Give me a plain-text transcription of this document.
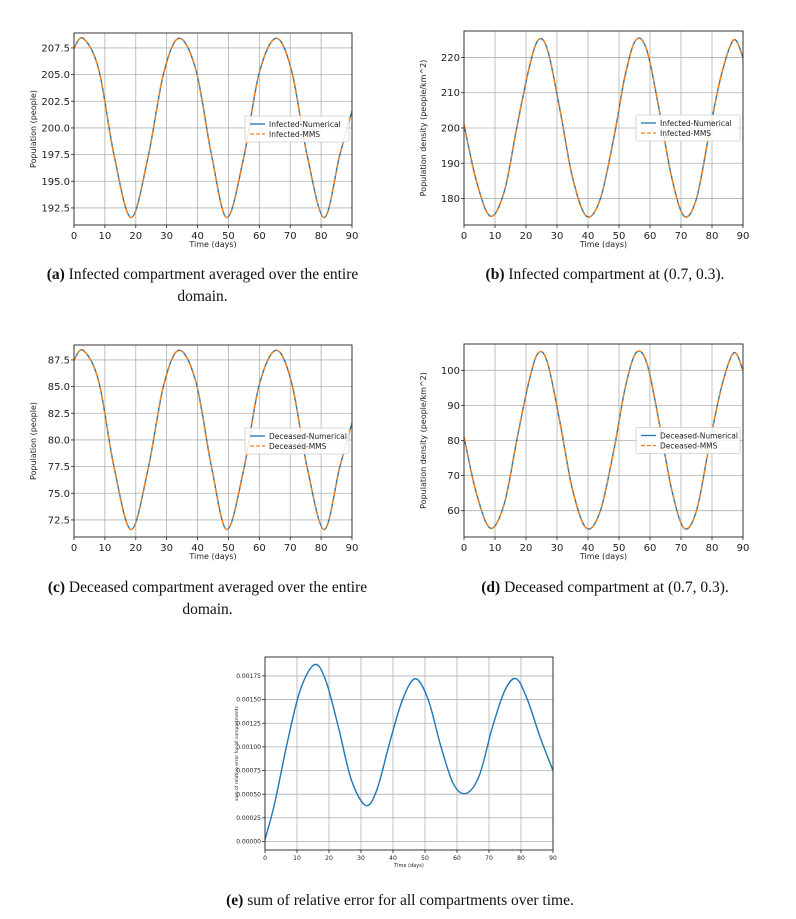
0 10 20 30 40 50 60 70 80 90
192.5
195.0
197.5
200.0
202.5
205.0
207.5
Time (days)
Population (people)	Infected-Numerical
Infected-MMS
(a) Infected compartment averaged over the entire domain.
0 10 20 30 40 50 60 70 80 90
180
190
200
210
220
Time (days)
Population density (people/km^2)	Infected-Numerical
Infected-MMS
(b) Infected compartment at (0.7, 0.3).
0 10 20 30 40 50 60 70 80 90
72.5
75.0
77.5
80.0
82.5
85.0
87.5
Time (days)
Population (people)	Deceased-Numerical
Deceased-MMS
(c) Deceased compartment averaged over the entire domain.
0 10 20 30 40 50 60 70 80 90
60
70
80
90
100
Time (days)
Population density (people/km^2)	Deceased-Numerical
Deceased-MMS
(d) Deceased compartment at (0.7, 0.3).
0	10	20	30	40	50	60	70	80	90
0.00000
0.00025
0.00050
0.00075
0.00100
0.00125
0.00150
0.00175
Time (days)
sum of relative error for all compartments
(e) sum of relative error for all compartments over time.
